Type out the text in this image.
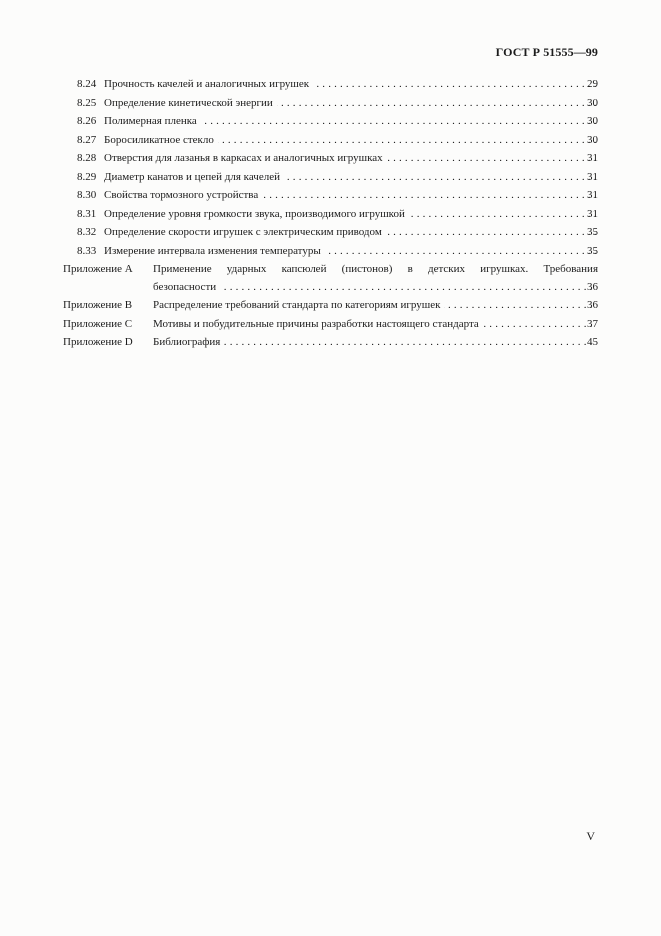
ГОСТ Р 51555—99
8.24 Прочность качелей и аналогичных игрушек . . .	29
8.25 Определение кинетической энергии . . .	30
8.26 Полимерная пленка . . .	30
8.27 Боросиликатное стекло . . .	30
8.28 Отверстия для лазанья в каркасах и аналогичных игрушках . . .	31
8.29 Диаметр канатов и цепей для качелей . . .	31
8.30 Свойства тормозного устройства . . .	31
8.31 Определение уровня громкости звука, производимого игрушкой . . .	31
8.32 Определение скорости игрушек с электрическим приводом . . .	35
8.33 Измерение интервала изменения температуры . . .	35
Приложение А	Применение ударных капсюлей (пистонов) в детских игрушках. Требования
безопасности . . .	36
Приложение В	Распределение требований стандарта по категориям игрушек . . .	36
Приложение С	Мотивы и побудительные причины разработки настоящего стандарта . . .	37
Приложение D	Библиография . . .	45
V
